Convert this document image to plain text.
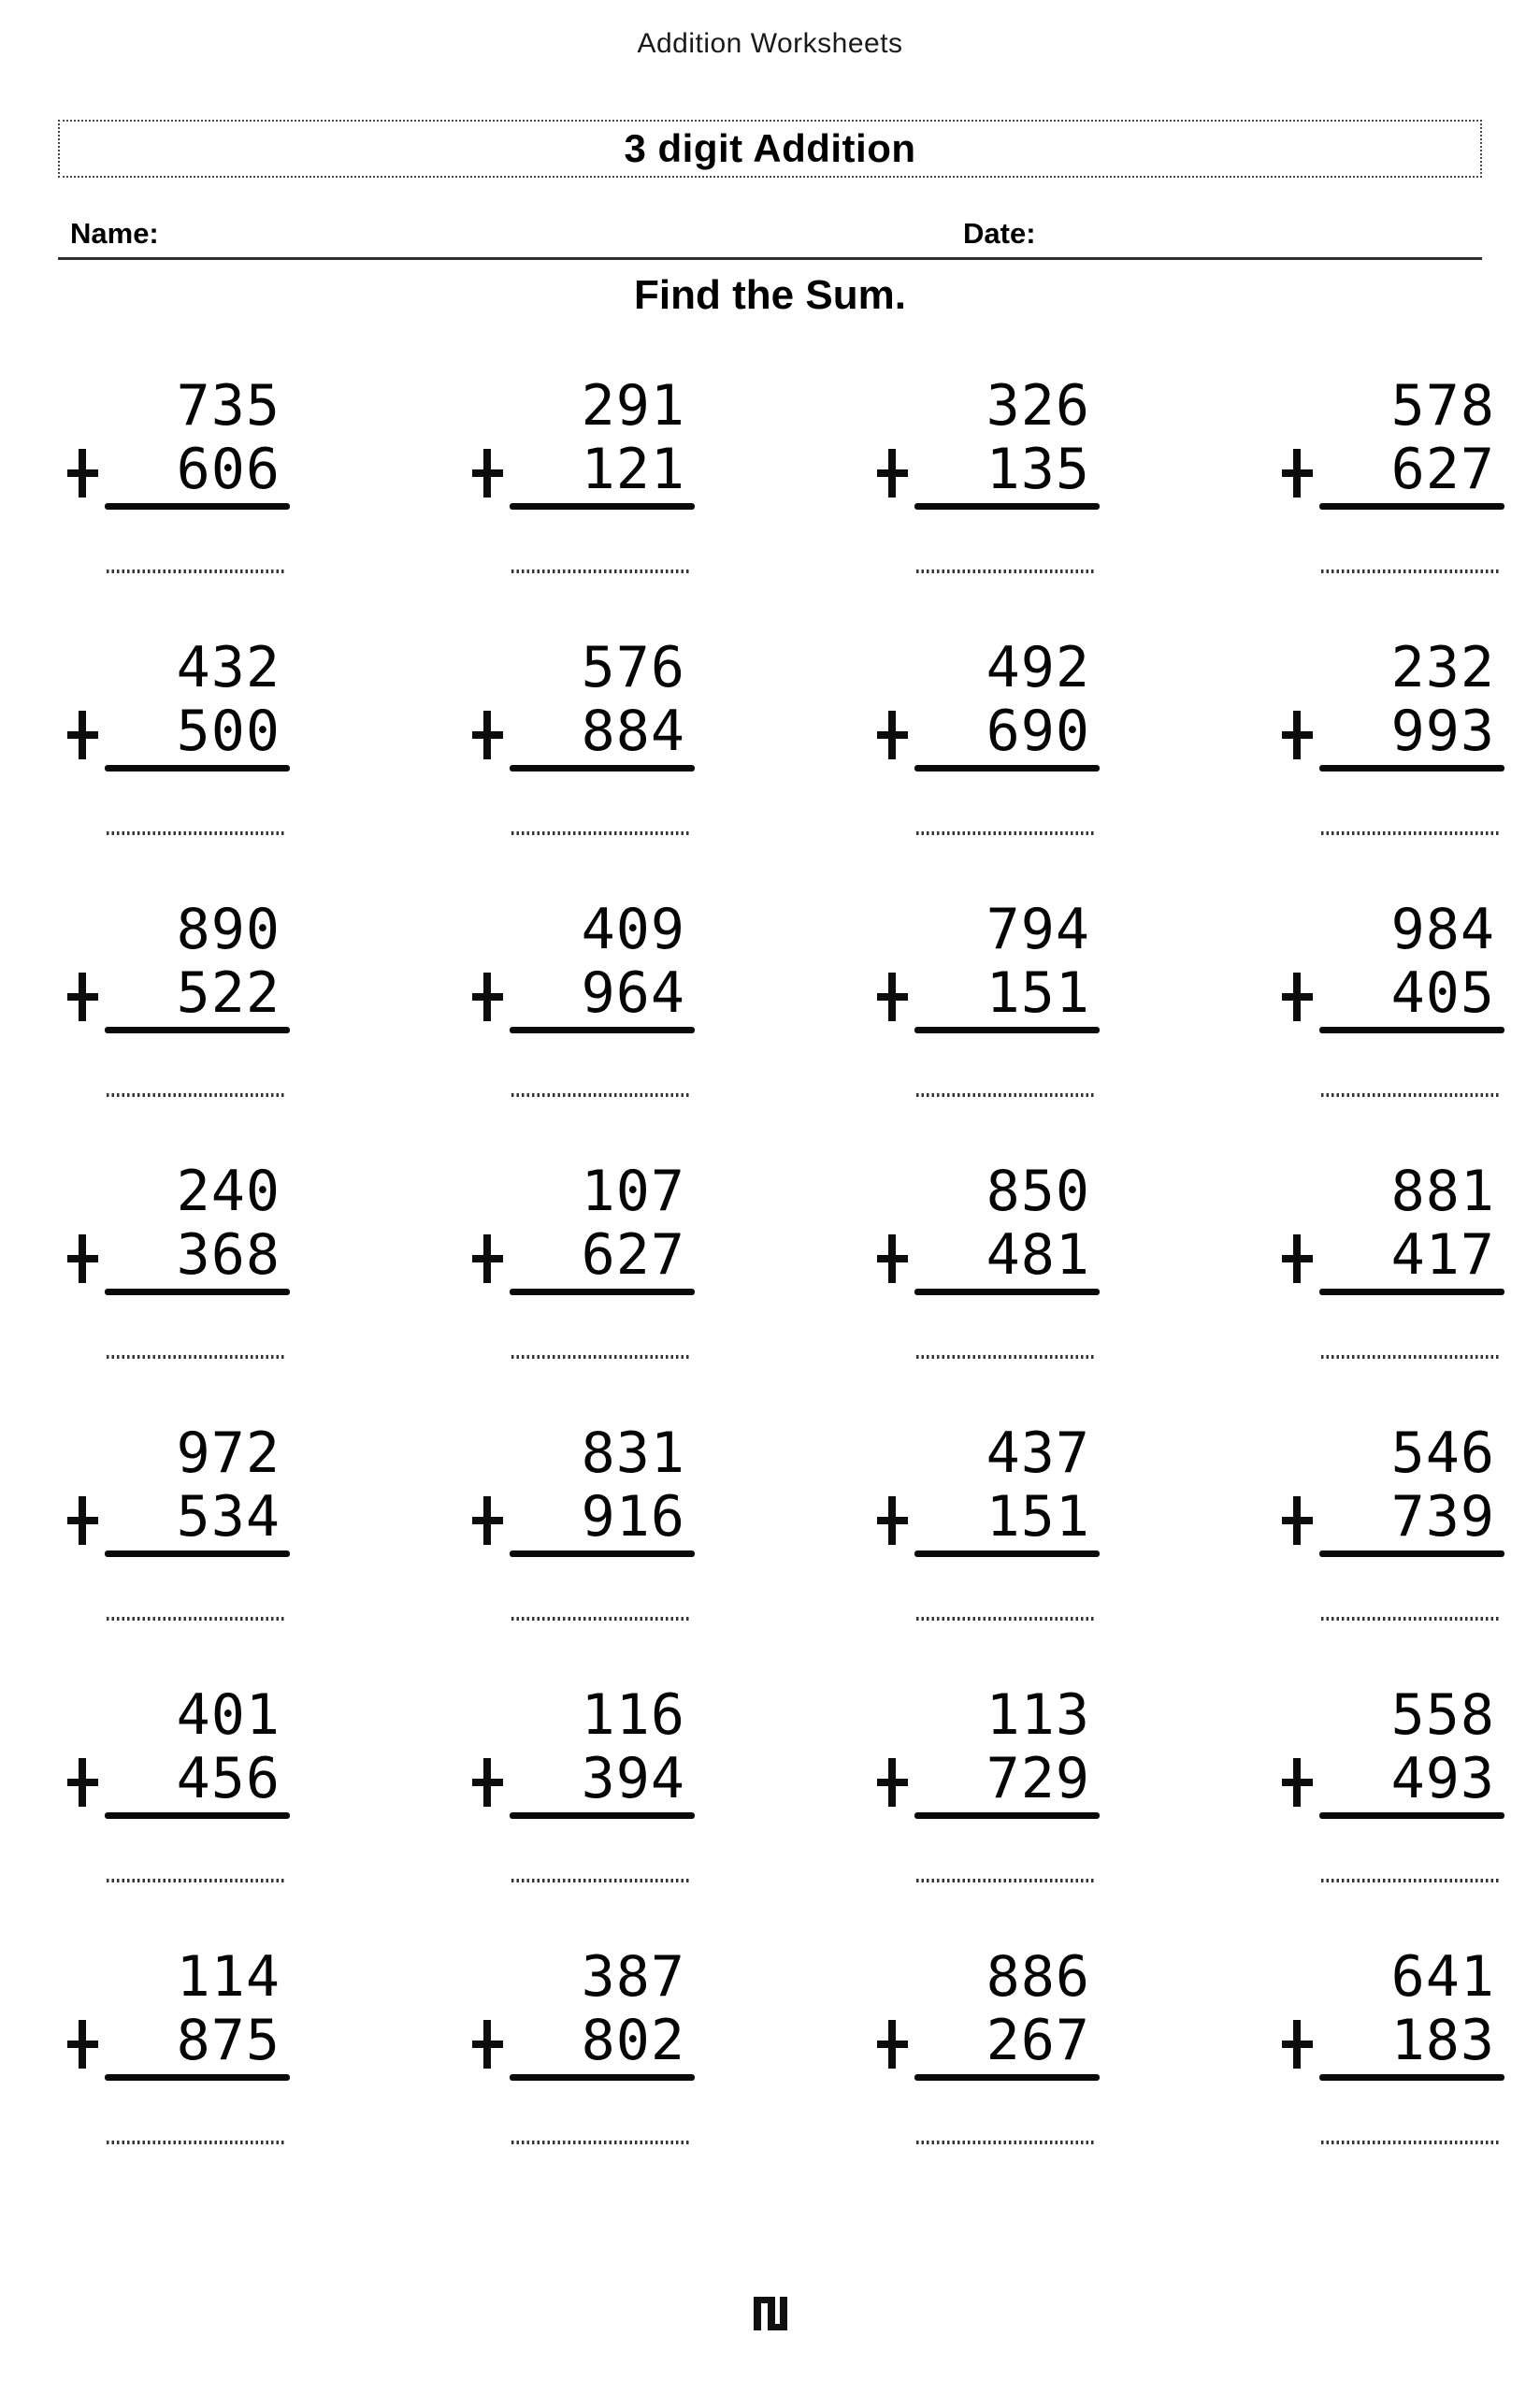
Addition Worksheets
3 digit Addition
Name:	Date:
Find the Sum.
735
606
291
121
326
135
578
627
432
500
576
884
492
690
232
993
890
522
409
964
794
151
984
405
240
368
107
627
850
481
881
417
972
534
831
916
437
151
546
739
401
456
116
394
113
729
558
493
114
875
387
802
886
267
641
183
